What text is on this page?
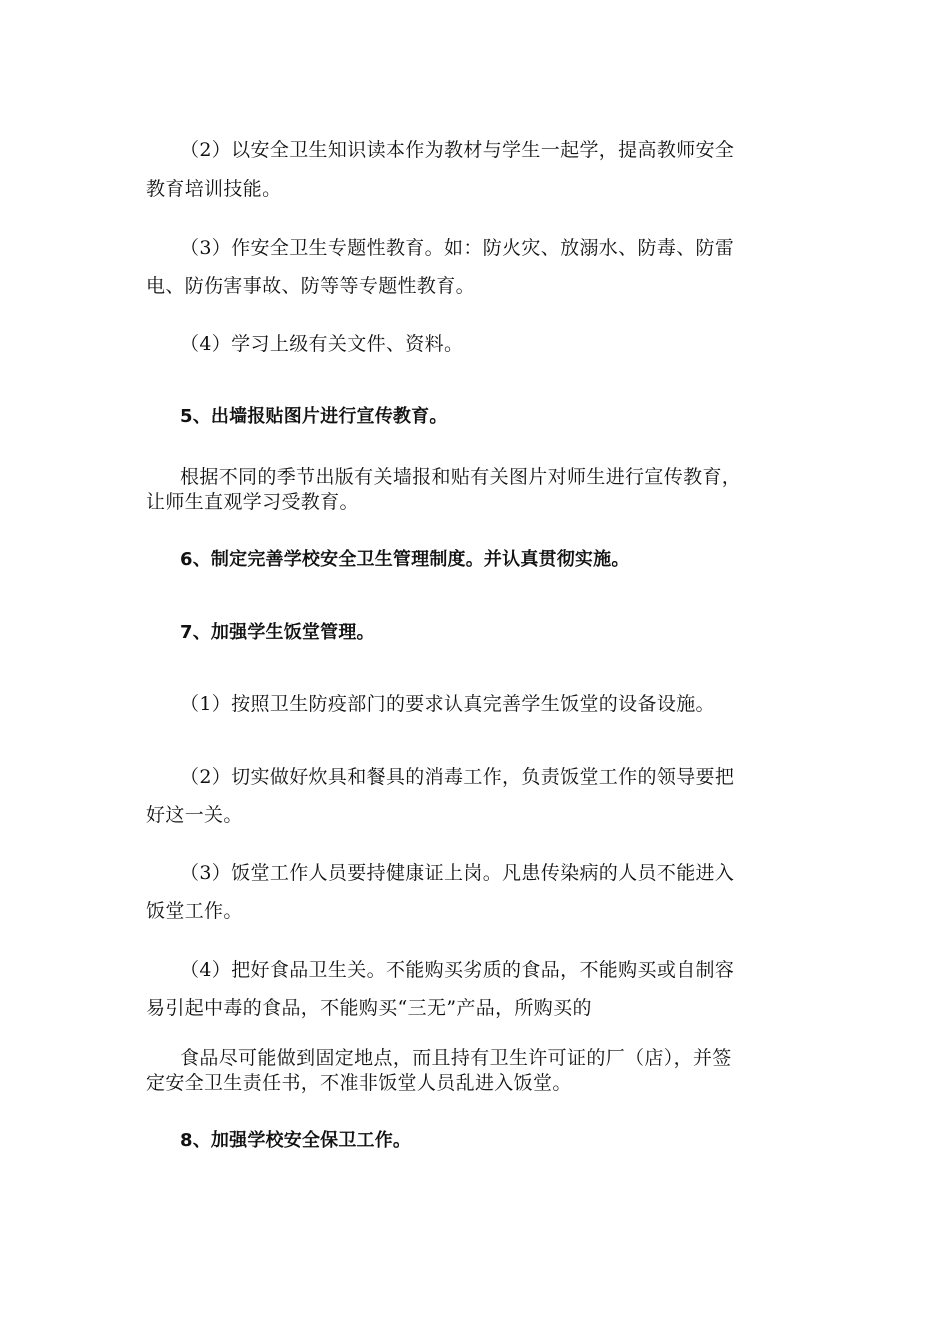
（2）以安全卫生知识读本作为教材与学生一起学，提高教师安全
教育培训技能。
（3）作安全卫生专题性教育。如：防火灾、放溺水、防毒、防雷
电、防伤害事故、防等等专题性教育。
（4）学习上级有关文件、资料。
5、出墙报贴图片进行宣传教育。
根据不同的季节出版有关墙报和贴有关图片对师生进行宣传教育，
让师生直观学习受教育。
6、制定完善学校安全卫生管理制度。并认真贯彻实施。
7、加强学生饭堂管理。
（1）按照卫生防疫部门的要求认真完善学生饭堂的设备设施。
（2）切实做好炊具和餐具的消毒工作，负责饭堂工作的领导要把
好这一关。
（3）饭堂工作人员要持健康证上岗。凡患传染病的人员不能进入
饭堂工作。
（4）把好食品卫生关。不能购买劣质的食品，不能购买或自制容
易引起中毒的食品，不能购买“三无”产品，所购买的
食品尽可能做到固定地点，而且持有卫生许可证的厂（店），并签
定安全卫生责任书，不准非饭堂人员乱进入饭堂。
8、加强学校安全保卫工作。
